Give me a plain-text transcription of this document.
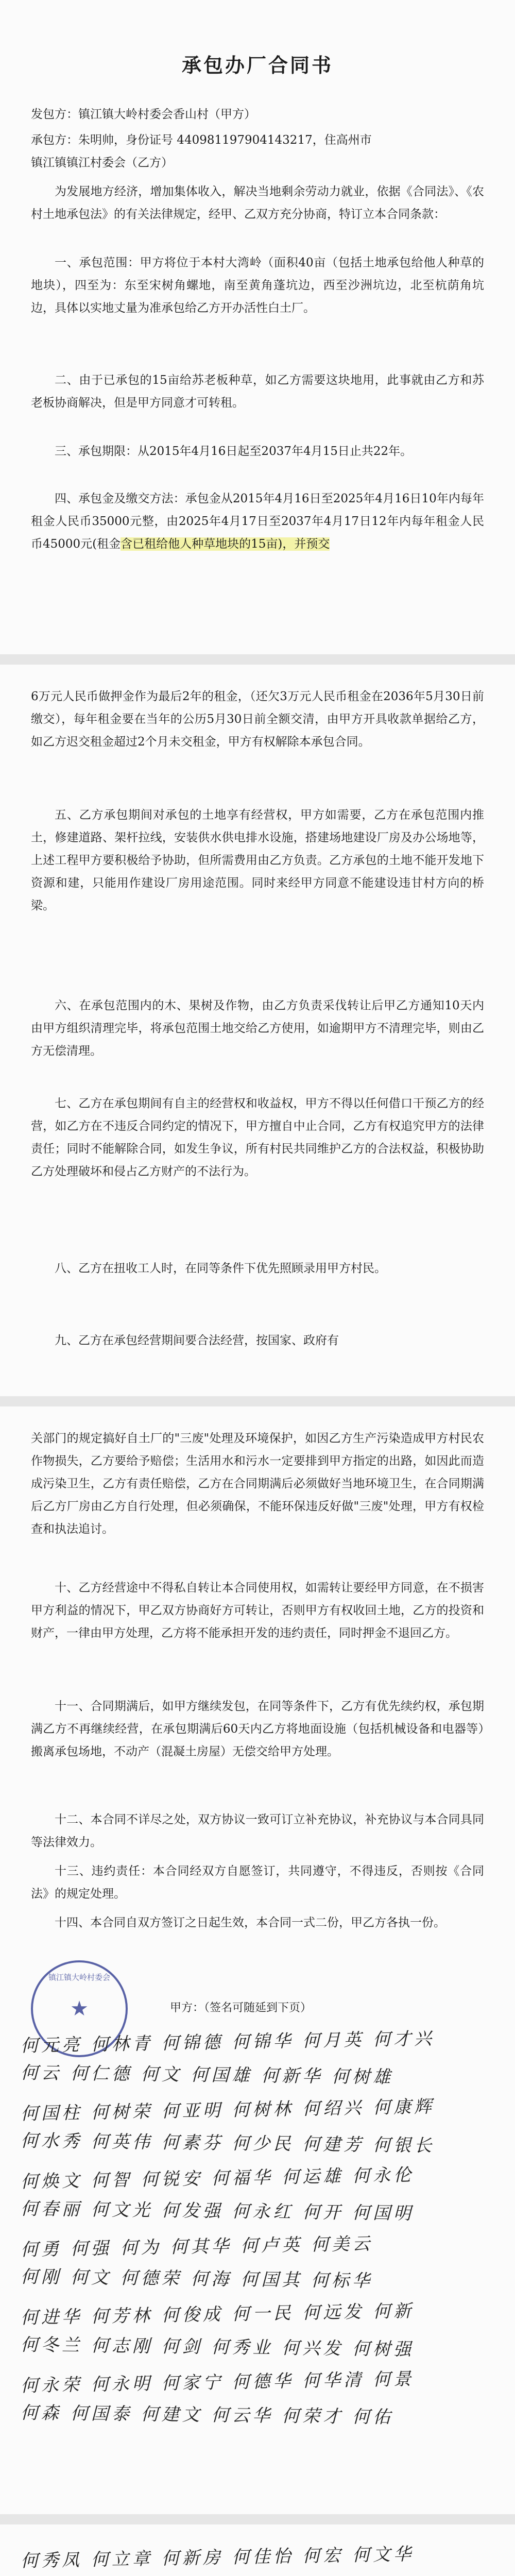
承包办厂合同书
发包方：镇江镇大岭村委会香山村（甲方）
承包方：朱明帅，身份证号 440981197904143217，住高州市
镇江镇镇江村委会（乙方）
为发展地方经济，增加集体收入，解决当地剩余劳动力就业，依据《合同法》、《农村土地承包法》的有关法律规定，经甲、乙双方充分协商，特订立本合同条款：
一、承包范围：甲方将位于本村大湾岭（面积40亩（包括土地承包给他人种草的地块），四至为：东至宋树角螺地，南至黄角蓬坑边，西至沙洲坑边，北至杭荫角坑边，具体以实地丈量为准承包给乙方开办活性白土厂。
二、由于已承包的15亩给苏老板种草，如乙方需要这块地用，此事就由乙方和苏老板协商解决，但是甲方同意才可转租。
三、承包期限：从2015年4月16日起至2037年4月15日止共22年。
四、承包金及缴交方法：承包金从2015年4月16日至2025年4月16日10年内每年租金人民币35000元整，由2025年4月17日至2037年4月17日12年内每年租金人民币45000元(租金含已租给他人种草地块的15亩)，并预交
6万元人民币做押金作为最后2年的租金，（还欠3万元人民币租金在2036年5月30日前缴交），每年租金要在当年的公历5月30日前全额交清，由甲方开具收款单据给乙方，如乙方迟交租金超过2个月未交租金，甲方有权解除本承包合同。
五、乙方承包期间对承包的土地享有经营权，甲方如需要，乙方在承包范围内推土，修建道路、架杆拉线，安装供水供电排水设施，搭建场地建设厂房及办公场地等，上述工程甲方要积极给予协助，但所需费用由乙方负责。乙方承包的土地不能开发地下资源和建，只能用作建设厂房用途范围。同时来经甲方同意不能建设违甘村方向的桥梁。
六、在承包范围内的木、果树及作物，由乙方负责采伐转让后甲乙方通知10天内由甲方组织清理完毕，将承包范围土地交给乙方使用，如逾期甲方不清理完毕，则由乙方无偿清理。
七、乙方在承包期间有自主的经营权和收益权，甲方不得以任何借口干预乙方的经营，如乙方在不违反合同约定的情况下，甲方擅自中止合同，乙方有权追究甲方的法律责任；同时不能解除合同，如发生争议，所有村民共同维护乙方的合法权益，积极协助乙方处理破坏和侵占乙方财产的不法行为。
八、乙方在扭收工人时，在同等条件下优先照顾录用甲方村民。
九、乙方在承包经营期间要合法经营，按国家、政府有
关部门的规定搞好自土厂的"三废"处理及环境保护，如因乙方生产污染造成甲方村民农作物损失，乙方要给予赔偿；生活用水和污水一定要排到甲方指定的出路，如因此而造成污染卫生，乙方有责任赔偿，乙方在合同期满后必须做好当地环境卫生，在合同期满后乙方厂房由乙方自行处理，但必须确保，不能环保违反好做"三废"处理，甲方有权检查和执法追讨。
十、乙方经营途中不得私自转让本合同使用权，如需转让要经甲方同意，在不损害甲方利益的情况下，甲乙双方协商好方可转让，否则甲方有权收回土地，乙方的投资和财产，一律由甲方处理，乙方将不能承担开发的违约责任，同时押金不退回乙方。
十一、合同期满后，如甲方继续发包，在同等条件下，乙方有优先续约权，承包期满乙方不再继续经营，在承包期满后60天内乙方将地面设施（包括机械设备和电器等）搬离承包场地，不动产（混凝土房屋）无偿交给甲方处理。
十二、本合同不详尽之处，双方协议一致可订立补充协议，补充协议与本合同具同等法律效力。
十三、违约责任：本合同经双方自愿签订，共同遵守，不得违反，否则按《合同法》的规定处理。
十四、本合同自双方签订之日起生效，本合同一式二份，甲乙方各执一份。
★
镇江镇大岭村委会
甲方：（签名可随延到下页）
何元亮 何林青 何锦德 何锦华 何月英 何才兴
何云 何仁德 何文 何国雄 何新华 何树雄
何国柱 何树荣 何亚明 何树林 何绍兴 何康辉
何水秀 何英伟 何素芬 何少民 何建芳 何银长
何焕文 何智 何锐安 何福华 何运雄 何永伦
何春丽 何文光 何发强 何永红 何开 何国明
何勇 何强 何为 何其华 何卢英 何美云
何刚 何文 何德荣 何海 何国其 何标华
何进华 何芳林 何俊成 何一民 何远发 何新
何冬兰 何志刚 何剑 何秀业 何兴发 何树强
何永荣 何永明 何家宁 何德华 何华清 何景
何森 何国泰 何建文 何云华 何荣才 何佑
何秀凤 何立章 何新房 何佳怡 何宏 何文华
